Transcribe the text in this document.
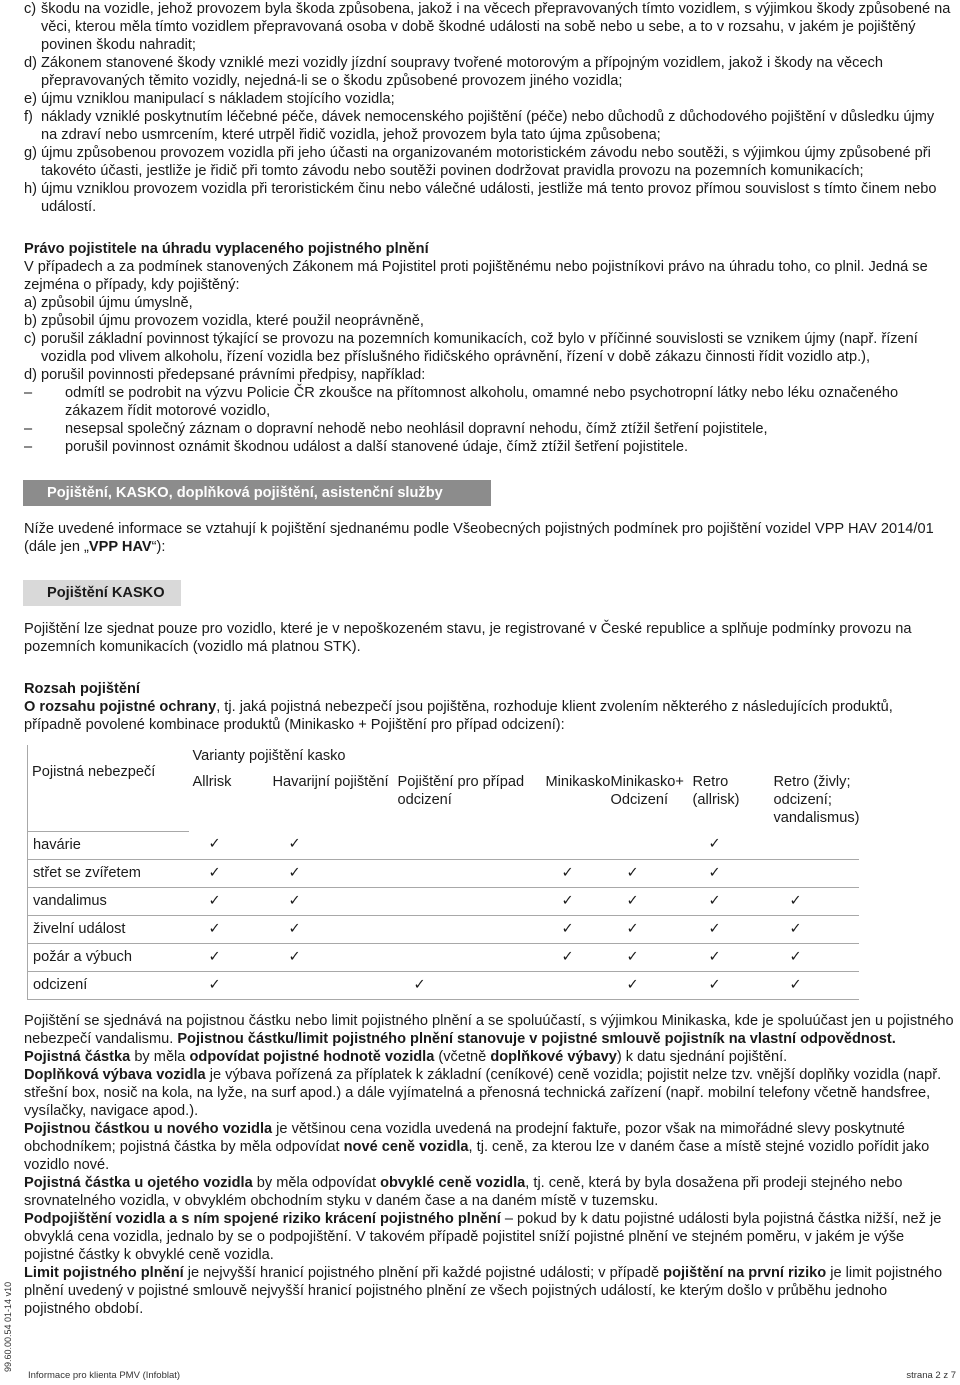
c) škodu na vozidle, jehož provozem byla škoda způsobena, jakož i na věcech přepravovaných tímto vozidlem, s výjimkou škody způsobené na věci, kterou měla tímto vozidlem přepravovaná osoba v době škodné události na sobě nebo u sebe, a to v rozsahu, v jakém je pojištěný povinen škodu nahradit;
d) Zákonem stanovené škody vzniklé mezi vozidly jízdní soupravy tvořené motorovým a přípojným vozidlem, jakož i škody na věcech přepravovaných těmito vozidly, nejedná-li se o škodu způsobené provozem jiného vozidla;
e) újmu vzniklou manipulací s nákladem stojícího vozidla;
f) náklady vzniklé poskytnutím léčebné péče, dávek nemocenského pojištění (péče) nebo důchodů z důchodového pojištění v důsledku újmy na zdraví nebo usmrcením, které utrpěl řidič vozidla, jehož provozem byla tato újma způsobena;
g) újmu způsobenou provozem vozidla při jeho účasti na organizovaném motoristickém závodu nebo soutěži, s výjimkou újmy způsobené při takovéto účasti, jestliže je řidič při tomto závodu nebo soutěži povinen dodržovat pravidla provozu na pozemních komunikacích;
h) újmu vzniklou provozem vozidla při teroristickém činu nebo válečné události, jestliže má tento provoz přímou souvislost s tímto činem nebo událostí.
Právo pojistitele na úhradu vyplaceného pojistného plnění
V případech a za podmínek stanovených Zákonem má Pojistitel proti pojištěnému nebo pojistníkovi právo na úhradu toho, co plnil. Jedná se zejména o případy, kdy pojištěný:
a) způsobil újmu úmyslně,
b) způsobil újmu provozem vozidla, které použil neoprávněně,
c) porušil základní povinnost týkající se provozu na pozemních komunikacích, což bylo v příčinné souvislosti se vznikem újmy (např. řízení vozidla pod vlivem alkoholu, řízení vozidla bez příslušného řidičského oprávnění, řízení v době zákazu činnosti řídit vozidlo atp.),
d) porušil povinnosti předepsané právními předpisy, například:
– odmítl se podrobit na výzvu Policie ČR zkoušce na přítomnost alkoholu, omamné nebo psychotropní látky nebo léku označeného zákazem řídit motorové vozidlo,
– nesepsal společný záznam o dopravní nehodě nebo neohlásil dopravní nehodu, čímž ztížil šetření pojistitele,
– porušil povinnost oznámit škodnou událost a další stanovené údaje, čímž ztížil šetření pojistitele.
Pojištění, KASKO, doplňková pojištění, asistenční služby
Níže uvedené informace se vztahují k pojištění sjednanému podle Všeobecných pojistných podmínek pro pojištění vozidel VPP HAV 2014/01 (dále jen „VPP HAV“):
Pojištění KASKO
Pojištění lze sjednat pouze pro vozidlo, které je v nepoškozeném stavu, je registrované v České republice a splňuje podmínky provozu na pozemních komunikacích (vozidlo má platnou STK).
Rozsah pojištění
O rozsahu pojistné ochrany, tj. jaká pojistná nebezpečí jsou pojištěna, rozhoduje klient zvolením některého z následujících produktů, případně povolené kombinace produktů (Minikasko + Pojištění pro případ odcizení):
Pojistná nebezpečí	Varianty pojištění kasko						
	Allrisk	Havarijní pojištění	Pojištění pro případ odcizení	Minikasko	Minikasko+ Odcizení	Retro (allrisk)	Retro (živly; odcizení; vandalismus)
havárie	✓	✓				✓	
střet se zvířetem	✓	✓		✓	✓	✓	
vandalimus	✓	✓		✓	✓	✓	✓
živelní událost	✓	✓		✓	✓	✓	✓
požár a výbuch	✓	✓		✓	✓	✓	✓
odcizení	✓		✓		✓	✓	✓
Pojištění se sjednává na pojistnou částku nebo limit pojistného plnění a se spoluúčastí, s výjimkou Minikaska, kde je spoluúčast jen u pojistného nebezpečí vandalismu. Pojistnou částku/limit pojistného plnění stanovuje v pojistné smlouvě pojistník na vlastní odpovědnost.
Pojistná částka by měla odpovídat pojistné hodnotě vozidla (včetně doplňkové výbavy) k datu sjednání pojištění.
Doplňková výbava vozidla je výbava pořízená za příplatek k základní (ceníkové) ceně vozidla; pojistit nelze tzv. vnější doplňky vozidla (např. střešní box, nosič na kola, na lyže, na surf apod.) a dále vyjímatelná a přenosná technická zařízení (např. mobilní telefony včetně handsfree, vysílačky, navigace apod.).
Pojistnou částkou u nového vozidla je většinou cena vozidla uvedená na prodejní faktuře, pozor však na mimořádné slevy poskytnuté obchodníkem; pojistná částka by měla odpovídat nové ceně vozidla, tj. ceně, za kterou lze v daném čase a místě stejné vozidlo pořídit jako vozidlo nové.
Pojistná částka u ojetého vozidla by měla odpovídat obvyklé ceně vozidla, tj. ceně, která by byla dosažena při prodeji stejného nebo srovnatelného vozidla, v obvyklém obchodním styku v daném čase a na daném místě v tuzemsku.
Podpojištění vozidla a s ním spojené riziko krácení pojistného plnění – pokud by k datu pojistné události byla pojistná částka nižší, než je obvyklá cena vozidla, jednalo by se o podpojištění. V takovém případě pojistitel sníží pojistné plnění ve stejném poměru, v jakém je výše pojistné částky k obvyklé ceně vozidla.
Limit pojistného plnění je nejvyšší hranicí pojistného plnění při každé pojistné události; v případě pojištění na první riziko je limit pojistného plnění uvedený v pojistné smlouvě nejvyšší hranicí pojistného plnění ze všech pojistných událostí, ke kterým došlo v průběhu jednoho pojistného období.
99.60.00.54 01-14 v10
Informace pro klienta PMV (Infoblat)	strana 2 z 7
